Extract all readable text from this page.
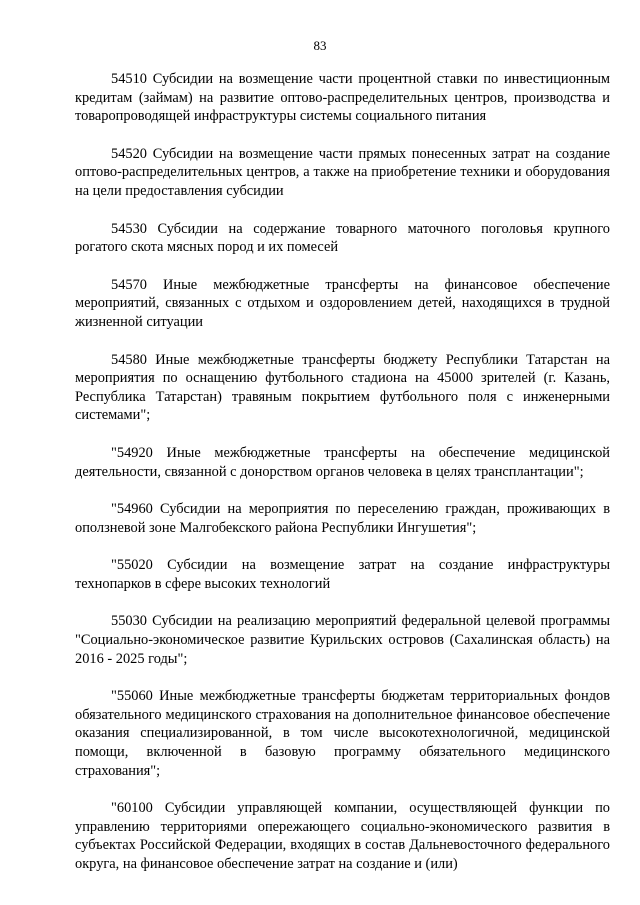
83

54510 Субсидии на возмещение части процентной ставки по инвестиционным кредитам (займам) на развитие оптово-распределительных центров, производства и товаропроводящей инфраструктуры системы социального питания

54520 Субсидии на возмещение части прямых понесенных затрат на создание оптово-распределительных центров, а также на приобретение техники и оборудования на цели предоставления субсидии

54530 Субсидии на содержание товарного маточного поголовья крупного рогатого скота мясных пород и их помесей

54570 Иные межбюджетные трансферты на финансовое обеспечение мероприятий, связанных с отдыхом и оздоровлением детей, находящихся в трудной жизненной ситуации

54580 Иные межбюджетные трансферты бюджету Республики Татарстан на мероприятия по оснащению футбольного стадиона на 45000 зрителей (г. Казань, Республика Татарстан) травяным покрытием футбольного поля с инженерными системами";

"54920 Иные межбюджетные трансферты на обеспечение медицинской деятельности, связанной с донорством органов человека в целях трансплантации";

"54960 Субсидии на мероприятия по переселению граждан, проживающих в оползневой зоне Малгобекского района Республики Ингушетия";

"55020 Субсидии на возмещение затрат на создание инфраструктуры технопарков в сфере высоких технологий

55030 Субсидии на реализацию мероприятий федеральной целевой программы "Социально-экономическое развитие Курильских островов (Сахалинская область) на 2016 - 2025 годы";

"55060 Иные межбюджетные трансферты бюджетам территориальных фондов обязательного медицинского страхования на дополнительное финансовое обеспечение оказания специализированной, в том числе высокотехнологичной, медицинской помощи, включенной в базовую программу обязательного медицинского страхования";

"60100 Субсидии управляющей компании, осуществляющей функции по управлению территориями опережающего социально-экономического развития в субъектах Российской Федерации, входящих в состав Дальневосточного федерального округа, на финансовое обеспечение затрат на создание и (или)
